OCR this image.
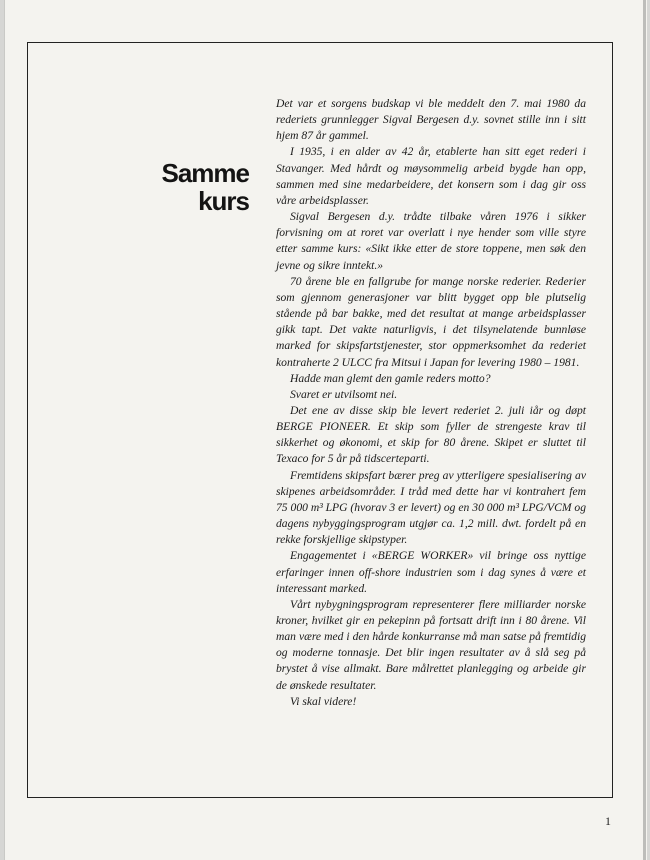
Samme
kurs

Det var et sorgens budskap vi ble meddelt den 7. mai 1980 da rederiets grunnlegger Sigval Bergesen d.y. sovnet stille inn i sitt hjem 87 år gammel.

I 1935, i en alder av 42 år, etablerte han sitt eget rederi i Stavanger. Med hårdt og møysommelig arbeid bygde han opp, sammen med sine medarbeidere, det konsern som i dag gir oss våre arbeidsplasser.

Sigval Bergesen d.y. trådte tilbake våren 1976 i sikker forvisning om at roret var overlatt i nye hender som ville styre etter samme kurs: «Sikt ikke etter de store toppene, men søk den jevne og sikre inntekt.»

70 årene ble en fallgrube for mange norske rederier. Rederier som gjennom generasjoner var blitt bygget opp ble plutselig stående på bar bakke, med det resultat at mange arbeidsplasser gikk tapt. Det vakte naturligvis, i det tilsynelatende bunnløse marked for skipsfartstjenester, stor oppmerksomhet da rederiet kontraherte 2 ULCC fra Mitsui i Japan for levering 1980 – 1981.

Hadde man glemt den gamle reders motto?

Svaret er utvilsomt nei.

Det ene av disse skip ble levert rederiet 2. juli iår og døpt BERGE PIONEER. Et skip som fyller de strengeste krav til sikkerhet og økonomi, et skip for 80 årene. Skipet er sluttet til Texaco for 5 år på tidscerteparti.

Fremtidens skipsfart bærer preg av ytterligere spesialisering av skipenes arbeidsområder. I tråd med dette har vi kontrahert fem 75 000 m³ LPG (hvorav 3 er levert) og en 30 000 m³ LPG/VCM og dagens nybyggingsprogram utgjør ca. 1,2 mill. dwt. fordelt på en rekke forskjellige skipstyper.

Engagementet i «BERGE WORKER» vil bringe oss nyttige erfaringer innen off-shore industrien som i dag synes å være et interessant marked.

Vårt nybygningsprogram representerer flere milliarder norske kroner, hvilket gir en pekepinn på fortsatt drift inn i 80 årene. Vil man være med i den hårde konkurranse må man satse på fremtidig og moderne tonnasje. Det blir ingen resultater av å slå seg på brystet å vise allmakt. Bare målrettet planlegging og arbeide gir de ønskede resultater.

Vi skal videre!

1
